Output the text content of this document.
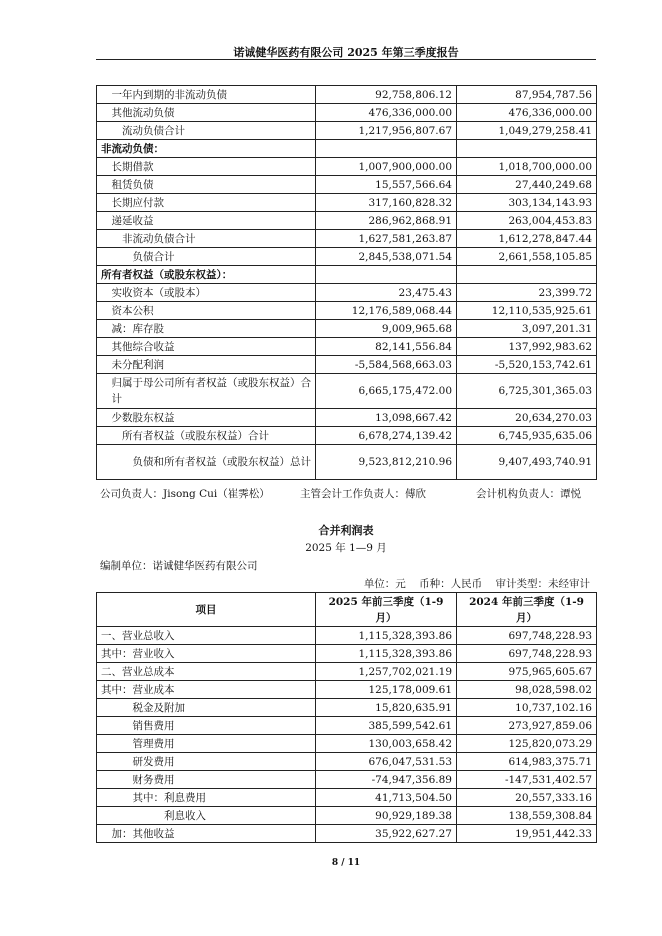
诺诚健华医药有限公司 2025 年第三季度报告
一年内到期的非流动负债	92,758,806.12	87,954,787.56
其他流动负债	476,336,000.00	476,336,000.00
流动负债合计	1,217,956,807.67	1,049,279,258.41
非流动负债：		
长期借款	1,007,900,000.00	1,018,700,000.00
租赁负债	15,557,566.64	27,440,249.68
长期应付款	317,160,828.32	303,134,143.93
递延收益	286,962,868.91	263,004,453.83
非流动负债合计	1,627,581,263.87	1,612,278,847.44
负债合计	2,845,538,071.54	2,661,558,105.85
所有者权益（或股东权益）：		
实收资本（或股本）	23,475.43	23,399.72
资本公积	12,176,589,068.44	12,110,535,925.61
减：库存股	9,009,965.68	3,097,201.31
其他综合收益	82,141,556.84	137,992,983.62
未分配利润	-5,584,568,663.03	-5,520,153,742.61
归属于母公司所有者权益（或股东权益）合计	6,665,175,472.00	6,725,301,365.03
少数股东权益	13,098,667.42	20,634,270.03
所有者权益（或股东权益）合计	6,678,274,139.42	6,745,935,635.06
负债和所有者权益（或股东权益）总计	9,523,812,210.96	9,407,493,740.91
公司负责人：Jisong Cui（崔霁松）	主管会计工作负责人：傅欣	会计机构负责人：谭悦
合并利润表
2025 年 1—9 月
编制单位：诺诚健华医药有限公司
单位：元 币种：人民币 审计类型：未经审计
项目	2025 年前三季度（1-9 月）	2024 年前三季度（1-9 月）
一、营业总收入	1,115,328,393.86	697,748,228.93
其中：营业收入	1,115,328,393.86	697,748,228.93
二、营业总成本	1,257,702,021.19	975,965,605.67
其中：营业成本	125,178,009.61	98,028,598.02
税金及附加	15,820,635.91	10,737,102.16
销售费用	385,599,542.61	273,927,859.06
管理费用	130,003,658.42	125,820,073.29
研发费用	676,047,531.53	614,983,375.71
财务费用	-74,947,356.89	-147,531,402.57
其中：利息费用	41,713,504.50	20,557,333.16
利息收入	90,929,189.38	138,559,308.84
加：其他收益	35,922,627.27	19,951,442.33
8 / 11
